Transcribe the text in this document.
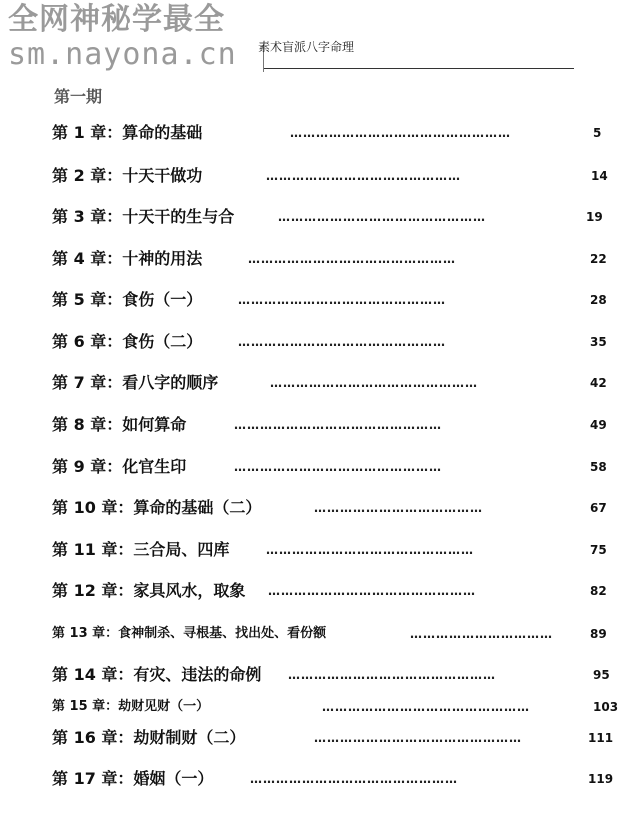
全网神秘学最全
sm.nayona.cn 素术盲派八字命理
第一期
第 1 章：算命的基础	……………………………………………	5
第 2 章：十天干做功	………………………………………	14
第 3 章：十天干的生与合	…………………………………………	19
第 4 章：十神的用法	…………………………………………	22
第 5 章：食伤（一）	…………………………………………	28
第 6 章：食伤（二）	…………………………………………	35
第 7 章：看八字的顺序	…………………………………………	42
第 8 章：如何算命	…………………………………………	49
第 9 章：化官生印	…………………………………………	58
第 10 章：算命的基础（二）	…………………………………	67
第 11 章：三合局、四库	…………………………………………	75
第 12 章：家具风水，取象 …………………………………………	82
第 13 章：食神制杀、寻根基、找出处、看份额	……………………………	89
第 14 章：有灾、违法的命例 …………………………………………	95
第 15 章：劫财见财（一）	…………………………………………	103
第 16 章：劫财制财（二）	…………………………………………	111
第 17 章：婚姻（一）	…………………………………………	119
